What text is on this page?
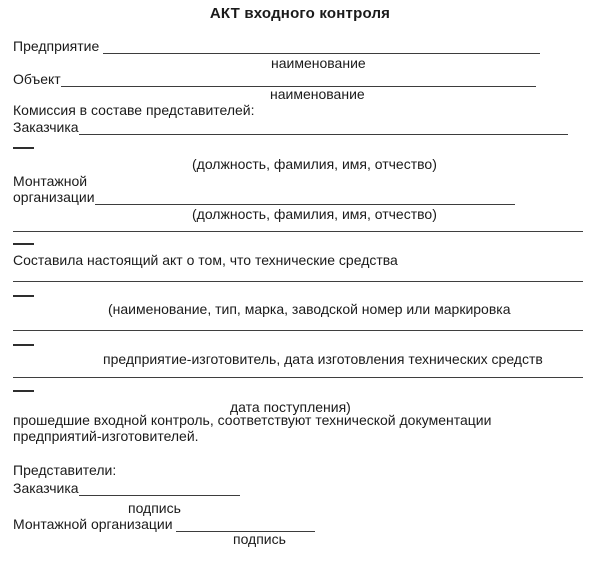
АКТ входного контроля
Предприятие
наименование
Объект
наименование
Комиссия в составе представителей:
Заказчика
(должность, фамилия, имя, отчество)
Монтажной
организации
(должность, фамилия, имя, отчество)
Составила настоящий акт о том, что технические средства
(наименование, тип, марка, заводской номер или маркировка
предприятие-изготовитель, дата изготовления технических средств
дата поступления)
прошедшие входной контроль, соответствуют технической документации
предприятий-изготовителей.
Представители:
Заказчика
подпись
Монтажной организации
подпись
